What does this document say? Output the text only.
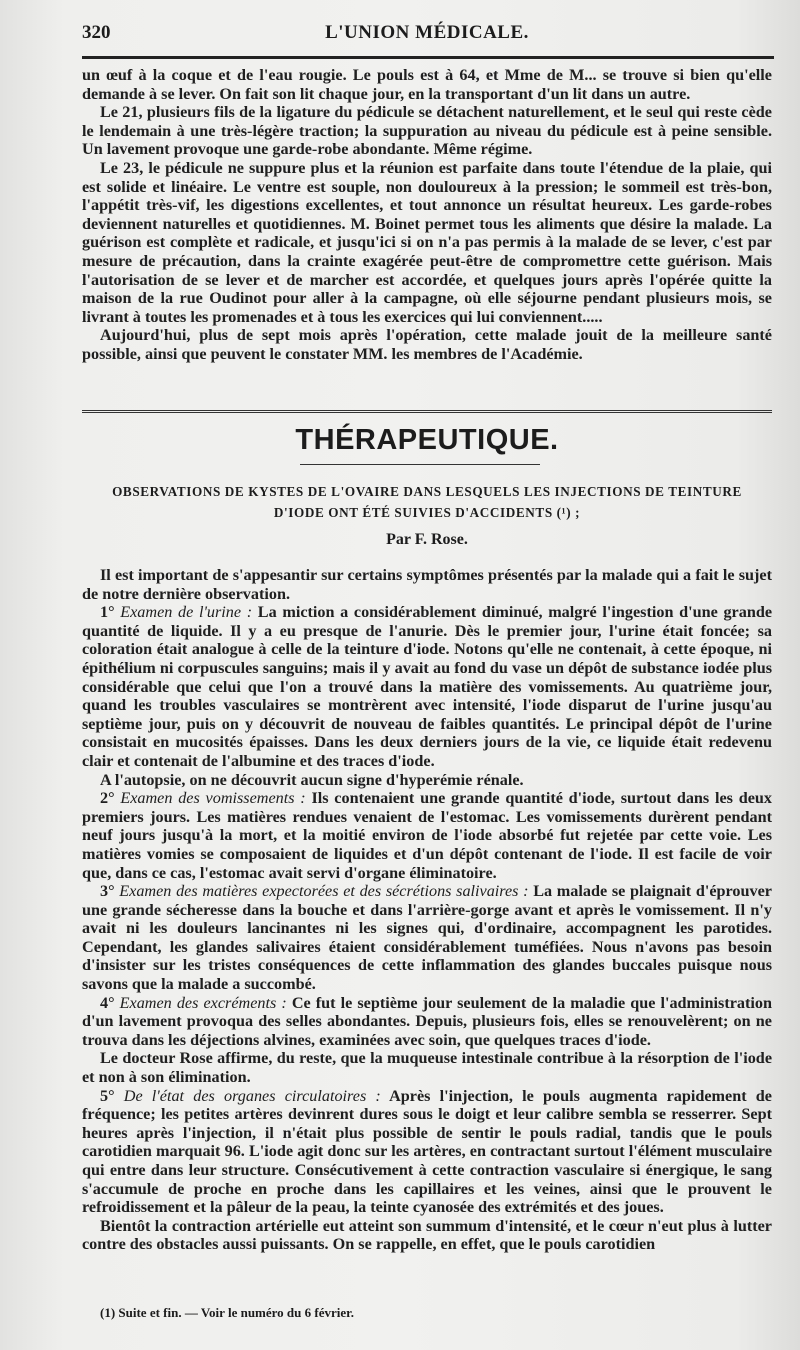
320	L'UNION MÉDICALE.

un œuf à la coque et de l'eau rougie. Le pouls est à 64, et Mme de M... se trouve si bien qu'elle demande à se lever. On fait son lit chaque jour, en la transportant d'un lit dans un autre.

Le 21, plusieurs fils de la ligature du pédicule se détachent naturellement, et le seul qui reste cède le lendemain à une très-légère traction; la suppuration au niveau du pédicule est à peine sensible. Un lavement provoque une garde-robe abondante. Même régime.

Le 23, le pédicule ne suppure plus et la réunion est parfaite dans toute l'étendue de la plaie, qui est solide et linéaire. Le ventre est souple, non douloureux à la pression; le sommeil est très-bon, l'appétit très-vif, les digestions excellentes, et tout annonce un résultat heureux. Les garde-robes deviennent naturelles et quotidiennes. M. Boinet permet tous les aliments que désire la malade. La guérison est complète et radicale, et jusqu'ici si on n'a pas permis à la malade de se lever, c'est par mesure de précaution, dans la crainte exagérée peut-être de compromettre cette guérison. Mais l'autorisation de se lever et de marcher est accordée, et quelques jours après l'opérée quitte la maison de la rue Oudinot pour aller à la campagne, où elle séjourne pendant plusieurs mois, se livrant à toutes les promenades et à tous les exercices qui lui conviennent.....

Aujourd'hui, plus de sept mois après l'opération, cette malade jouit de la meilleure santé possible, ainsi que peuvent le constater MM. les membres de l'Académie.

THÉRAPEUTIQUE.
OBSERVATIONS DE KYSTES DE L'OVAIRE DANS LESQUELS LES INJECTIONS DE TEINTURE
D'IODE ONT ÉTÉ SUIVIES D'ACCIDENTS (¹) ;
Par F. Rose.

Il est important de s'appesantir sur certains symptômes présentés par la malade qui a fait le sujet de notre dernière observation.

1° Examen de l'urine : La miction a considérablement diminué, malgré l'ingestion d'une grande quantité de liquide. Il y a eu presque de l'anurie. Dès le premier jour, l'urine était foncée; sa coloration était analogue à celle de la teinture d'iode. Notons qu'elle ne contenait, à cette époque, ni épithélium ni corpuscules sanguins; mais il y avait au fond du vase un dépôt de substance iodée plus considérable que celui que l'on a trouvé dans la matière des vomissements. Au quatrième jour, quand les troubles vasculaires se montrèrent avec intensité, l'iode disparut de l'urine jusqu'au septième jour, puis on y découvrit de nouveau de faibles quantités. Le principal dépôt de l'urine consistait en mucosités épaisses. Dans les deux derniers jours de la vie, ce liquide était redevenu clair et contenait de l'albumine et des traces d'iode.

A l'autopsie, on ne découvrit aucun signe d'hyperémie rénale.

2° Examen des vomissements : Ils contenaient une grande quantité d'iode, surtout dans les deux premiers jours. Les matières rendues venaient de l'estomac. Les vomissements durèrent pendant neuf jours jusqu'à la mort, et la moitié environ de l'iode absorbé fut rejetée par cette voie. Les matières vomies se composaient de liquides et d'un dépôt contenant de l'iode. Il est facile de voir que, dans ce cas, l'estomac avait servi d'organe éliminatoire.

3° Examen des matières expectorées et des sécrétions salivaires : La malade se plaignait d'éprouver une grande sécheresse dans la bouche et dans l'arrière-gorge avant et après le vomissement. Il n'y avait ni les douleurs lancinantes ni les signes qui, d'ordinaire, accompagnent les parotides. Cependant, les glandes salivaires étaient considérablement tuméfiées. Nous n'avons pas besoin d'insister sur les tristes conséquences de cette inflammation des glandes buccales puisque nous savons que la malade a succombé.

4° Examen des excréments : Ce fut le septième jour seulement de la maladie que l'administration d'un lavement provoqua des selles abondantes. Depuis, plusieurs fois, elles se renouvelèrent; on ne trouva dans les déjections alvines, examinées avec soin, que quelques traces d'iode.

Le docteur Rose affirme, du reste, que la muqueuse intestinale contribue à la résorption de l'iode et non à son élimination.

5° De l'état des organes circulatoires : Après l'injection, le pouls augmenta rapidement de fréquence; les petites artères devinrent dures sous le doigt et leur calibre sembla se resserrer. Sept heures après l'injection, il n'était plus possible de sentir le pouls radial, tandis que le pouls carotidien marquait 96. L'iode agit donc sur les artères, en contractant surtout l'élément musculaire qui entre dans leur structure. Consécutivement à cette contraction vasculaire si énergique, le sang s'accumule de proche en proche dans les capillaires et les veines, ainsi que le prouvent le refroidissement et la pâleur de la peau, la teinte cyanosée des extrémités et des joues.

Bientôt la contraction artérielle eut atteint son summum d'intensité, et le cœur n'eut plus à lutter contre des obstacles aussi puissants. On se rappelle, en effet, que le pouls carotidien

(1) Suite et fin. — Voir le numéro du 6 février.
